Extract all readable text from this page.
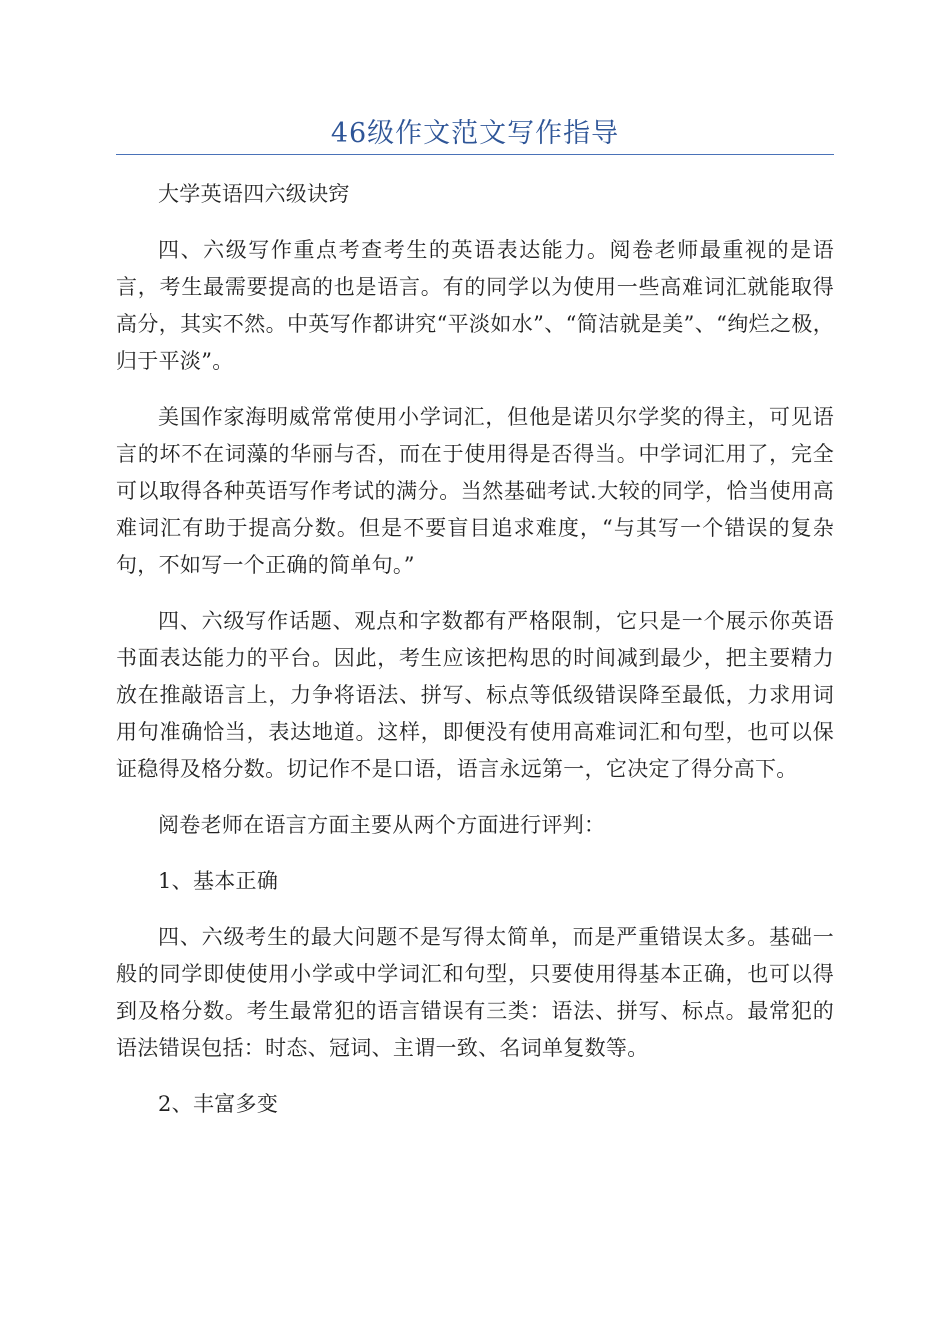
46级作文范文写作指导

大学英语四六级诀窍

四、六级写作重点考查考生的英语表达能力。阅卷老师最重视的是语言，考生最需要提高的也是语言。有的同学以为使用一些高难词汇就能取得高分，其实不然。中英写作都讲究“平淡如水”、“简洁就是美”、“绚烂之极，归于平淡”。

美国作家海明威常常使用小学词汇，但他是诺贝尔学奖的得主，可见语言的坏不在词藻的华丽与否，而在于使用得是否得当。中学词汇用了，完全可以取得各种英语写作考试的满分。当然基础考试.大较的同学，恰当使用高难词汇有助于提高分数。但是不要盲目追求难度，“与其写一个错误的复杂句，不如写一个正确的简单句。”

四、六级写作话题、观点和字数都有严格限制，它只是一个展示你英语书面表达能力的平台。因此，考生应该把构思的时间减到最少，把主要精力放在推敲语言上，力争将语法、拼写、标点等低级错误降至最低，力求用词用句准确恰当，表达地道。这样，即便没有使用高难词汇和句型，也可以保证稳得及格分数。切记作不是口语，语言永远第一，它决定了得分高下。

阅卷老师在语言方面主要从两个方面进行评判：

1、基本正确

四、六级考生的最大问题不是写得太简单，而是严重错误太多。基础一般的同学即使使用小学或中学词汇和句型，只要使用得基本正确，也可以得到及格分数。考生最常犯的语言错误有三类：语法、拼写、标点。最常犯的语法错误包括：时态、冠词、主谓一致、名词单复数等。

2、丰富多变
